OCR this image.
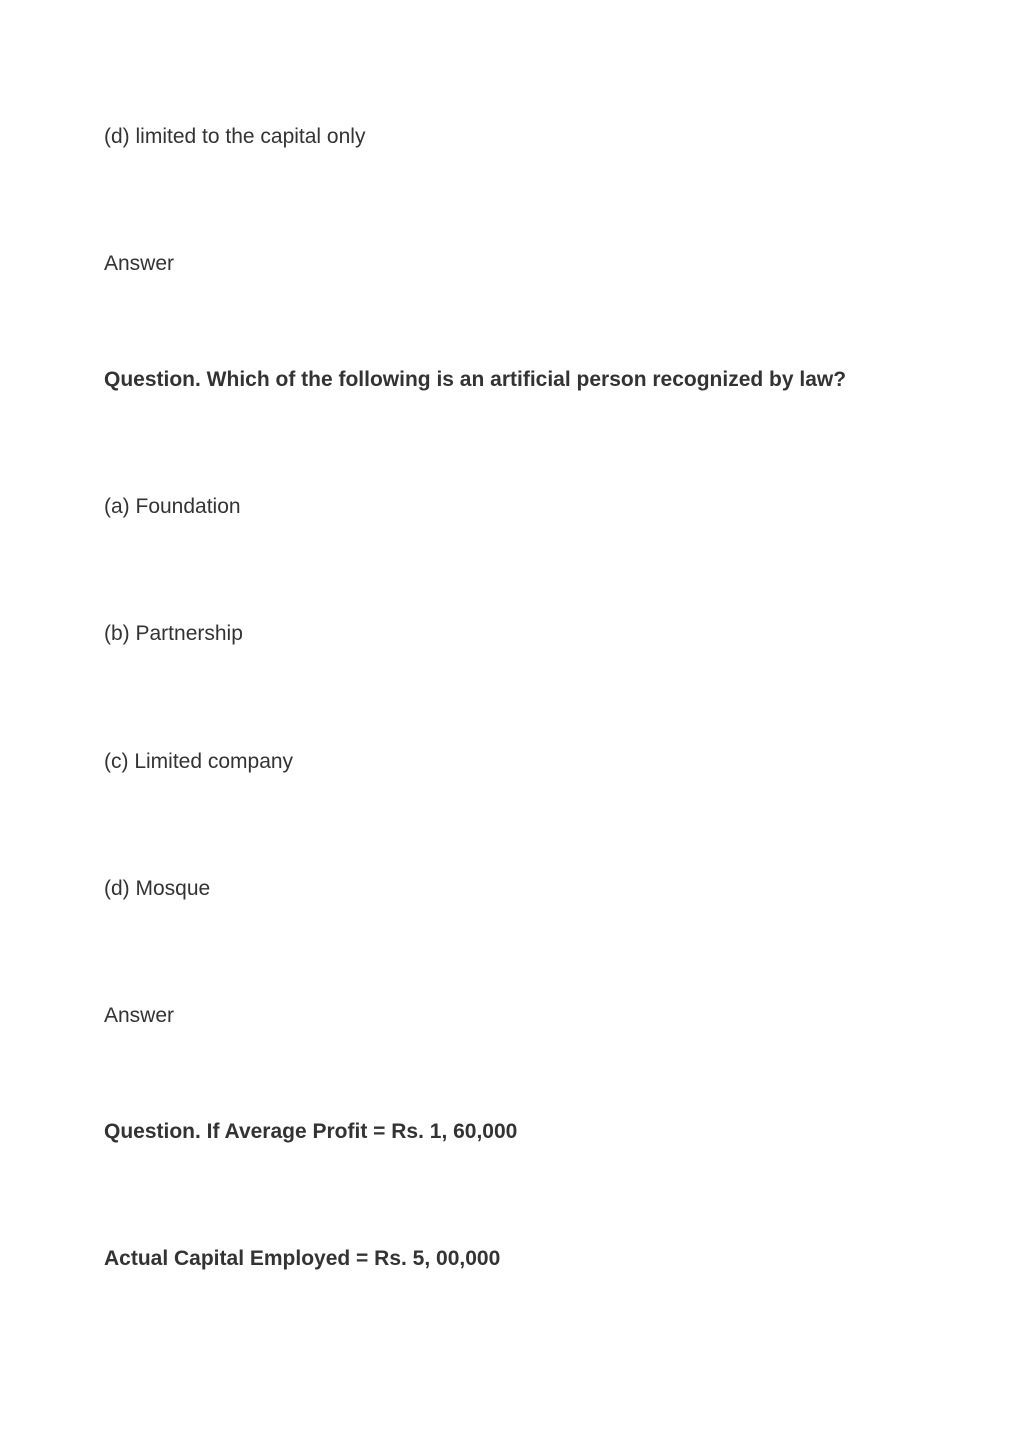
(d) limited to the capital only
Answer
Question. Which of the following is an artificial person recognized by law?
(a) Foundation
(b) Partnership
(c) Limited company
(d) Mosque
Answer
Question. If Average Profit = Rs. 1, 60,000
Actual Capital Employed = Rs. 5, 00,000
